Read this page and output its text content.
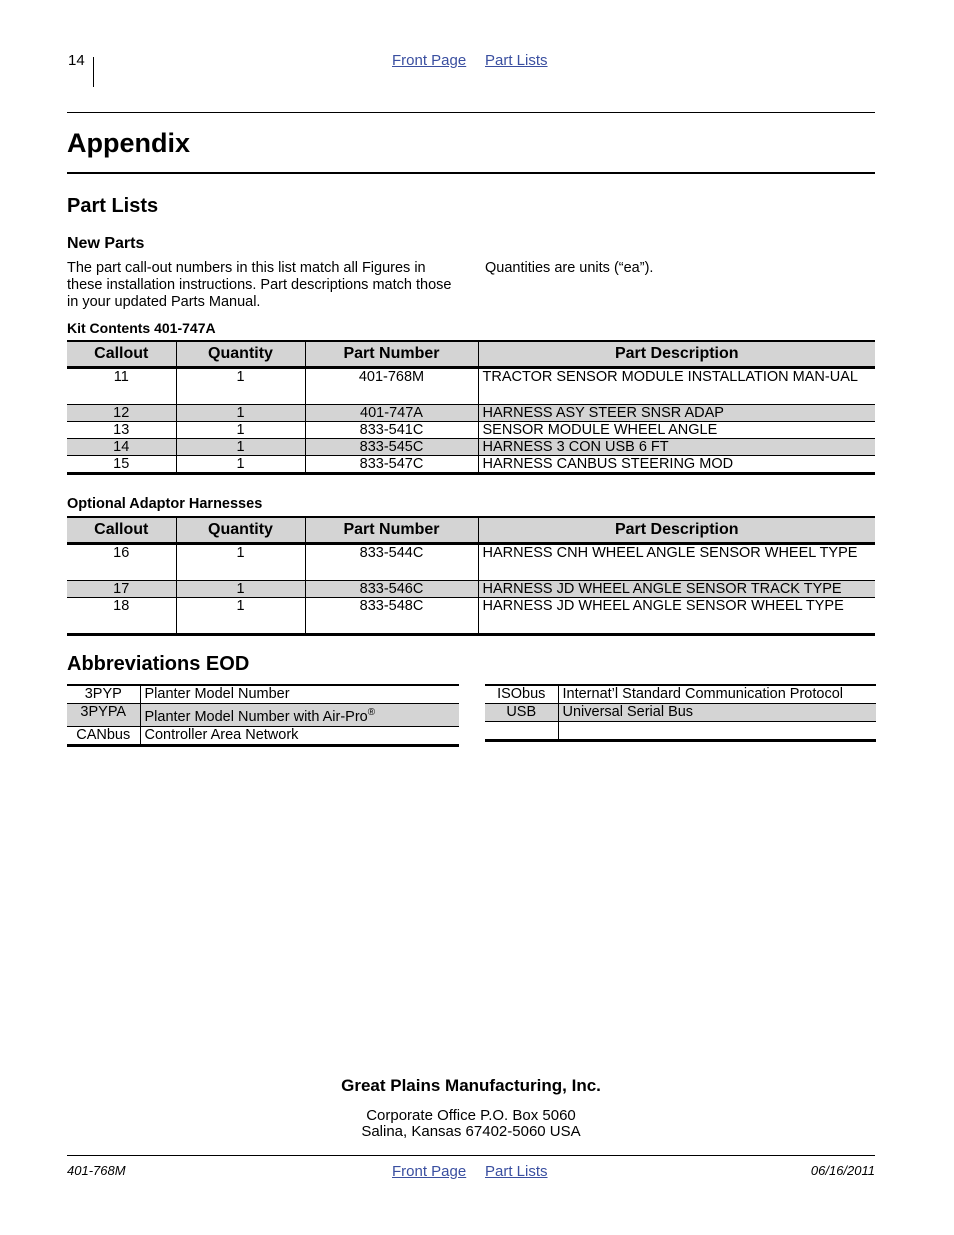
14	Front Page Part Lists
Appendix
Part Lists
New Parts
The part call-out numbers in this list match all Figures in these installation instructions. Part descriptions match those in your updated Parts Manual.
Quantities are units (“ea”).
Kit Contents 401-747A
Callout	Quantity	Part Number	Part Description
11	1	401-768M	TRACTOR SENSOR MODULE INSTALLATION MAN-UAL
12	1	401-747A	HARNESS ASY STEER SNSR ADAP
13	1	833-541C	SENSOR MODULE WHEEL ANGLE
14	1	833-545C	HARNESS 3 CON USB 6 FT
15	1	833-547C	HARNESS CANBUS STEERING MOD
Optional Adaptor Harnesses
Callout	Quantity	Part Number	Part Description
16	1	833-544C	HARNESS CNH WHEEL ANGLE SENSOR WHEEL TYPE
17	1	833-546C	HARNESS JD WHEEL ANGLE SENSOR TRACK TYPE
18	1	833-548C	HARNESS JD WHEEL ANGLE SENSOR WHEEL TYPE
Abbreviations EOD
3PYP	Planter Model Number
3PYPA	Planter Model Number with Air-Pro®
CANbus	Controller Area Network
ISObus	Internat’l Standard Communication Protocol
USB	Universal Serial Bus

Great Plains Manufacturing, Inc.
Corporate Office P.O. Box 5060
Salina, Kansas 67402-5060 USA
401-768M	Front Page Part Lists	06/16/2011
